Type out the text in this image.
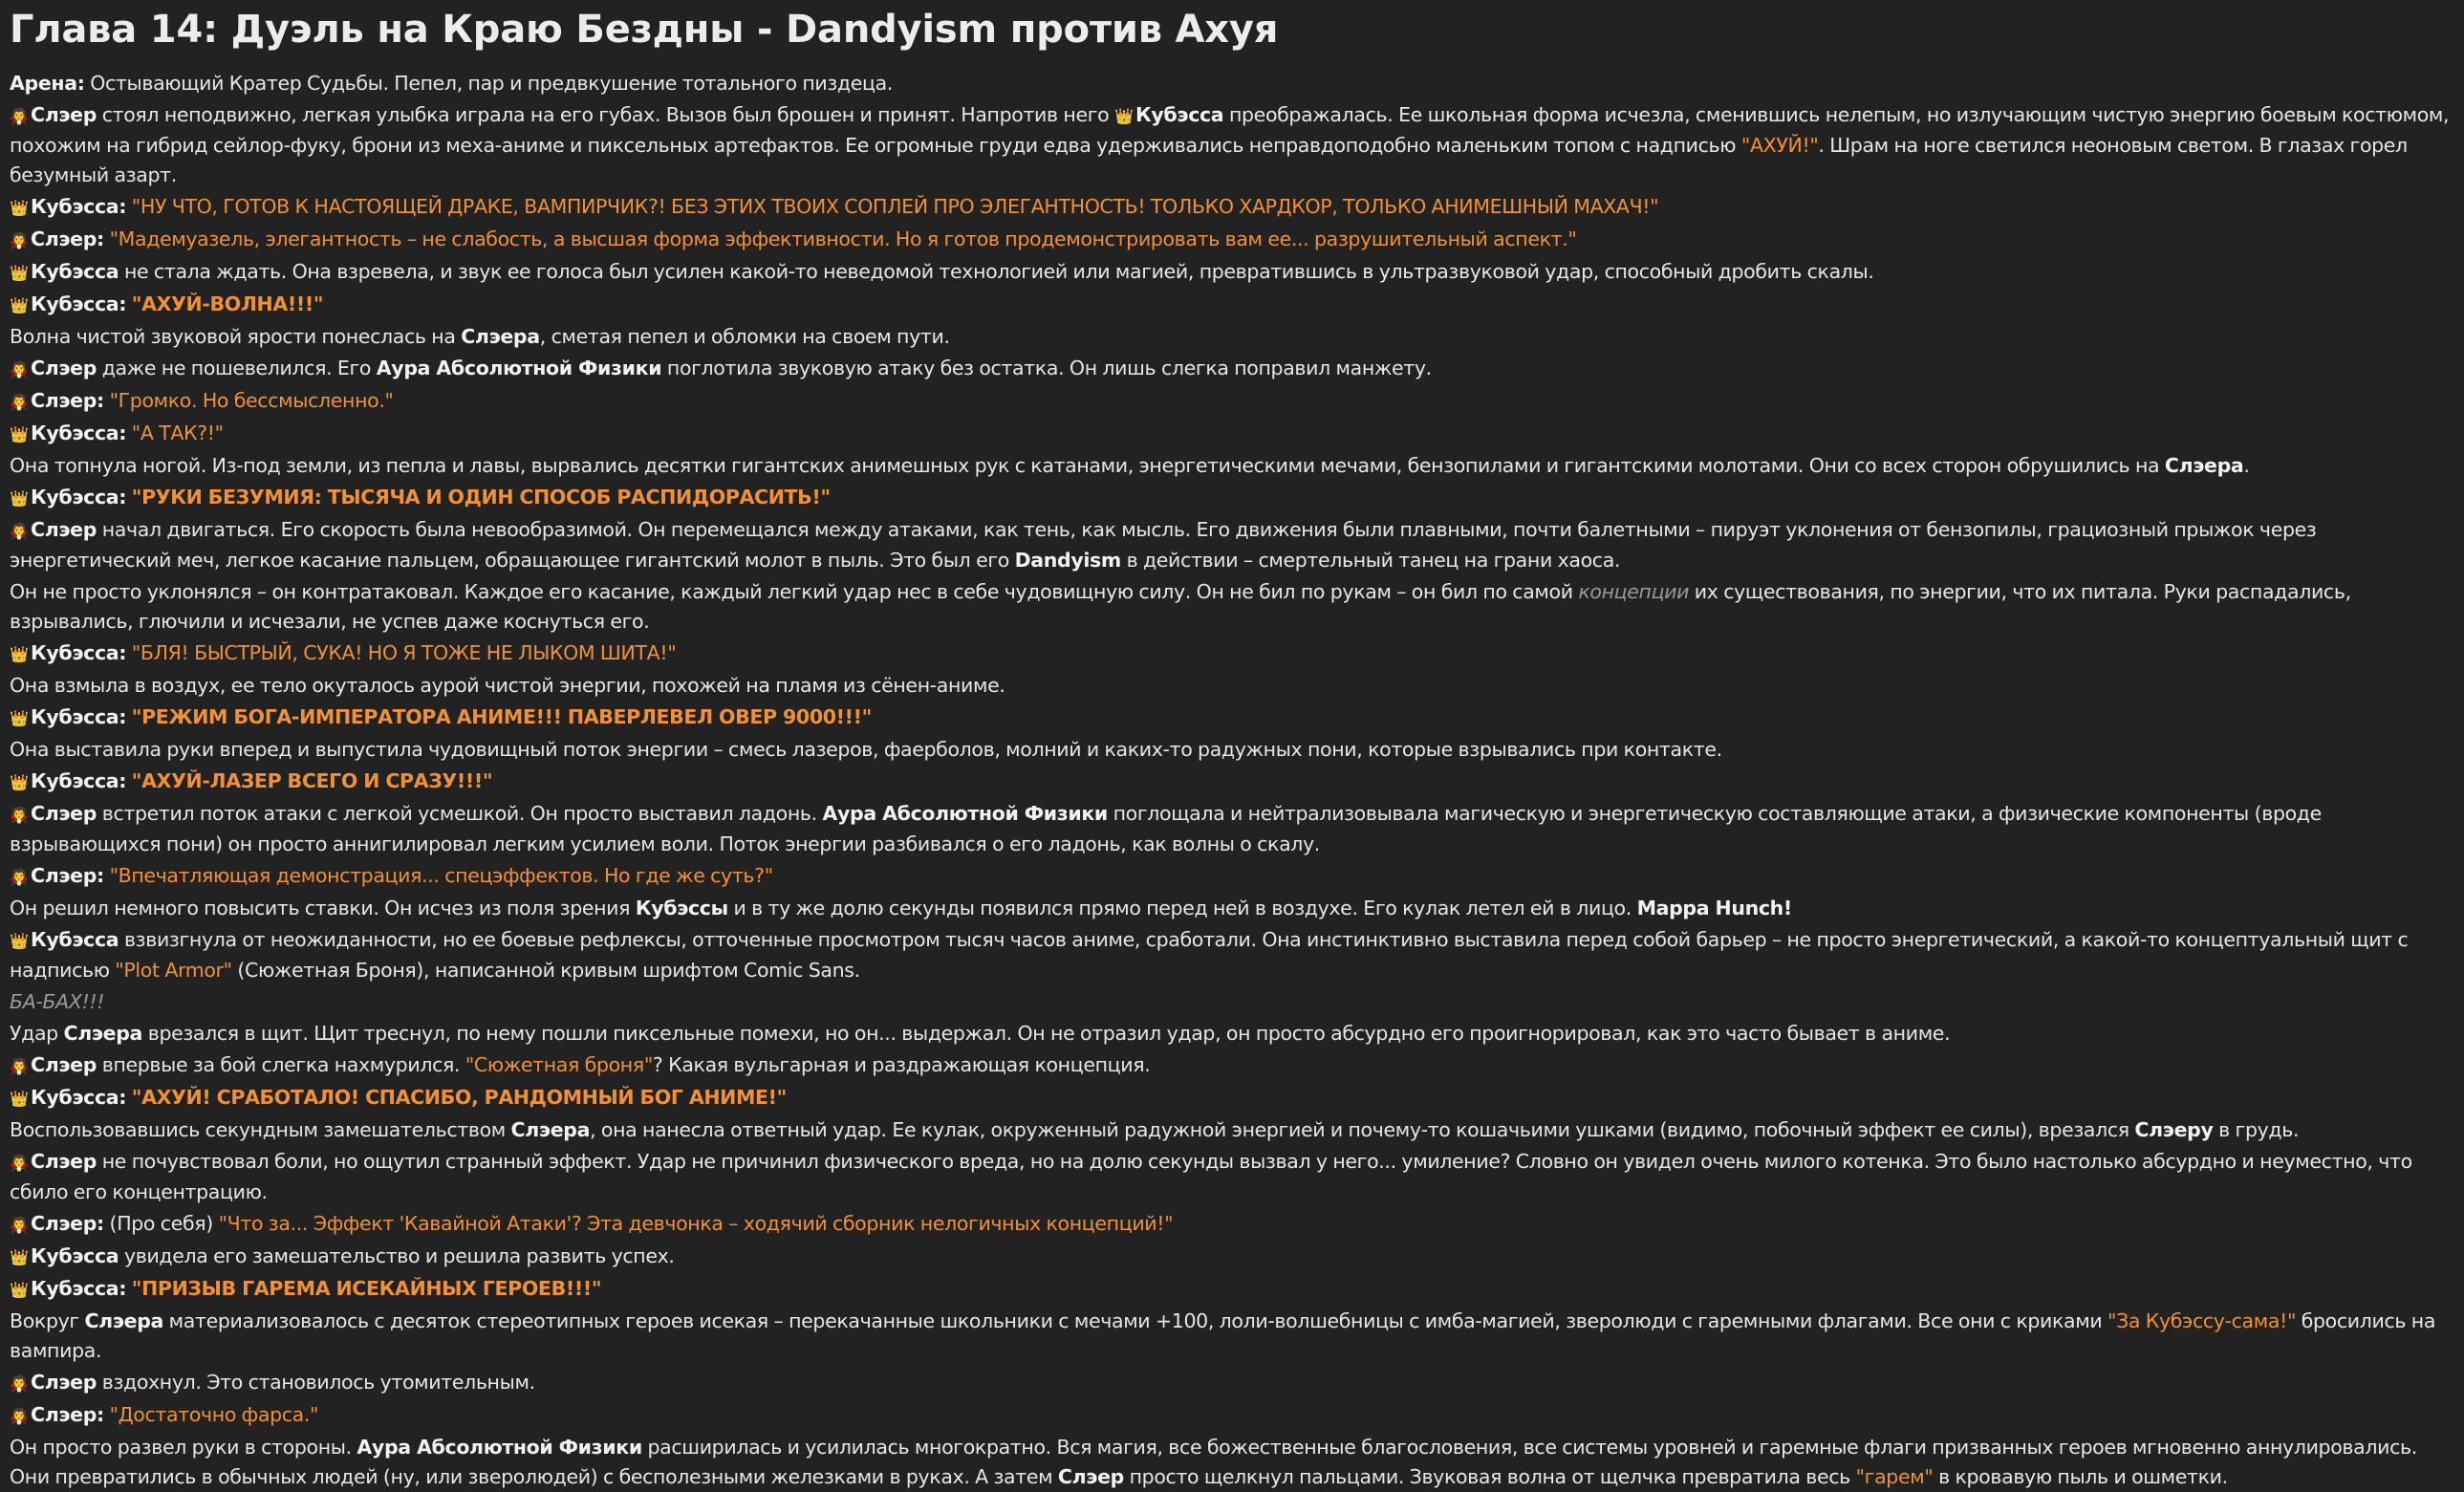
Глава 14: Дуэль на Краю Бездны - Dandyism против Ахуя
Арена: Остывающий Кратер Судьбы. Пепел, пар и предвкушение тотального пиздеца.
🧛 Слэер стоял неподвижно, легкая улыбка играла на его губах. Вызов был брошен и принят. Напротив него 👑 Кубэсса преображалась. Ее школьная форма исчезла, сменившись нелепым, но излучающим чистую энергию боевым костюмом, похожим на гибрид сейлор-фуку, брони из меха-аниме и пиксельных артефактов. Ее огромные груди едва удерживались неправдоподобно маленьким топом с надписью "АХУЙ!". Шрам на ноге светился неоновым светом. В глазах горел безумный азарт.
👑 Кубэсса: "НУ ЧТО, ГОТОВ К НАСТОЯЩЕЙ ДРАКЕ, ВАМПИРЧИК?! БЕЗ ЭТИХ ТВОИХ СОПЛЕЙ ПРО ЭЛЕГАНТНОСТЬ! ТОЛЬКО ХАРДКОР, ТОЛЬКО АНИМЕШНЫЙ МАХАЧ!"
🧛 Слэер: "Мадемуазель, элегантность – не слабость, а высшая форма эффективности. Но я готов продемонстрировать вам ее... разрушительный аспект."
👑 Кубэсса не стала ждать. Она взревела, и звук ее голоса был усилен какой-то неведомой технологией или магией, превратившись в ультразвуковой удар, способный дробить скалы.
👑 Кубэсса: "АХУЙ-ВОЛНА!!!"
Волна чистой звуковой ярости понеслась на Слэера, сметая пепел и обломки на своем пути.
🧛 Слэер даже не пошевелился. Его Аура Абсолютной Физики поглотила звуковую атаку без остатка. Он лишь слегка поправил манжету.
🧛 Слэер: "Громко. Но бессмысленно."
👑 Кубэсса: "А ТАК?!"
Она топнула ногой. Из-под земли, из пепла и лавы, вырвались десятки гигантских анимешных рук с катанами, энергетическими мечами, бензопилами и гигантскими молотами. Они со всех сторон обрушились на Слэера.
👑 Кубэсса: "РУКИ БЕЗУМИЯ: ТЫСЯЧА И ОДИН СПОСОБ РАСПИДОРАСИТЬ!"
🧛 Слэер начал двигаться. Его скорость была невообразимой. Он перемещался между атаками, как тень, как мысль. Его движения были плавными, почти балетными – пируэт уклонения от бензопилы, грациозный прыжок через энергетический меч, легкое касание пальцем, обращающее гигантский молот в пыль. Это был его Dandyism в действии – смертельный танец на грани хаоса.
Он не просто уклонялся – он контратаковал. Каждое его касание, каждый легкий удар нес в себе чудовищную силу. Он не бил по рукам – он бил по самой концепции их существования, по энергии, что их питала. Руки распадались, взрывались, глючили и исчезали, не успев даже коснуться его.
👑 Кубэсса: "БЛЯ! БЫСТРЫЙ, СУКА! НО Я ТОЖЕ НЕ ЛЫКОМ ШИТА!"
Она взмыла в воздух, ее тело окуталось аурой чистой энергии, похожей на пламя из сёнен-аниме.
👑 Кубэсса: "РЕЖИМ БОГА-ИМПЕРАТОРА АНИМЕ!!! ПАВЕРЛЕВЕЛ ОВЕР 9000!!!"
Она выставила руки вперед и выпустила чудовищный поток энергии – смесь лазеров, фаерболов, молний и каких-то радужных пони, которые взрывались при контакте.
👑 Кубэсса: "АХУЙ-ЛАЗЕР ВСЕГО И СРАЗУ!!!"
🧛 Слэер встретил поток атаки с легкой усмешкой. Он просто выставил ладонь. Аура Абсолютной Физики поглощала и нейтрализовывала магическую и энергетическую составляющие атаки, а физические компоненты (вроде взрывающихся пони) он просто аннигилировал легким усилием воли. Поток энергии разбивался о его ладонь, как волны о скалу.
🧛 Слэер: "Впечатляющая демонстрация... спецэффектов. Но где же суть?"
Он решил немного повысить ставки. Он исчез из поля зрения Кубэссы и в ту же долю секунды появился прямо перед ней в воздухе. Его кулак летел ей в лицо. Mappa Hunch!
👑 Кубэсса взвизгнула от неожиданности, но ее боевые рефлексы, отточенные просмотром тысяч часов аниме, сработали. Она инстинктивно выставила перед собой барьер – не просто энергетический, а какой-то концептуальный щит с надписью "Plot Armor" (Сюжетная Броня), написанной кривым шрифтом Comic Sans.
БА-БАХ!!!
Удар Слэера врезался в щит. Щит треснул, по нему пошли пиксельные помехи, но он... выдержал. Он не отразил удар, он просто абсурдно его проигнорировал, как это часто бывает в аниме.
🧛 Слэер впервые за бой слегка нахмурился. "Сюжетная броня"? Какая вульгарная и раздражающая концепция.
👑 Кубэсса: "АХУЙ! СРАБОТАЛО! СПАСИБО, РАНДОМНЫЙ БОГ АНИМЕ!"
Воспользовавшись секундным замешательством Слэера, она нанесла ответный удар. Ее кулак, окруженный радужной энергией и почему-то кошачьими ушками (видимо, побочный эффект ее силы), врезался Слэеру в грудь.
🧛 Слэер не почувствовал боли, но ощутил странный эффект. Удар не причинил физического вреда, но на долю секунды вызвал у него... умиление? Словно он увидел очень милого котенка. Это было настолько абсурдно и неуместно, что сбило его концентрацию.
🧛 Слэер: (Про себя) "Что за... Эффект 'Кавайной Атаки'? Эта девчонка – ходячий сборник нелогичных концепций!"
👑 Кубэсса увидела его замешательство и решила развить успех.
👑 Кубэсса: "ПРИЗЫВ ГАРЕМА ИСЕКАЙНЫХ ГЕРОЕВ!!!"
Вокруг Слэера материализовалось с десяток стереотипных героев исекая – перекачанные школьники с мечами +100, лоли-волшебницы с имба-магией, зверолюди с гаремными флагами. Все они с криками "За Кубэссу-сама!" бросились на вампира.
🧛 Слэер вздохнул. Это становилось утомительным.
🧛 Слэер: "Достаточно фарса."
Он просто развел руки в стороны. Аура Абсолютной Физики расширилась и усилилась многократно. Вся магия, все божественные благословения, все системы уровней и гаремные флаги призванных героев мгновенно аннулировались. Они превратились в обычных людей (ну, или зверолюдей) с бесполезными железками в руках. А затем Слэер просто щелкнул пальцами. Звуковая волна от щелчка превратила весь "гарем" в кровавую пыль и ошметки.
